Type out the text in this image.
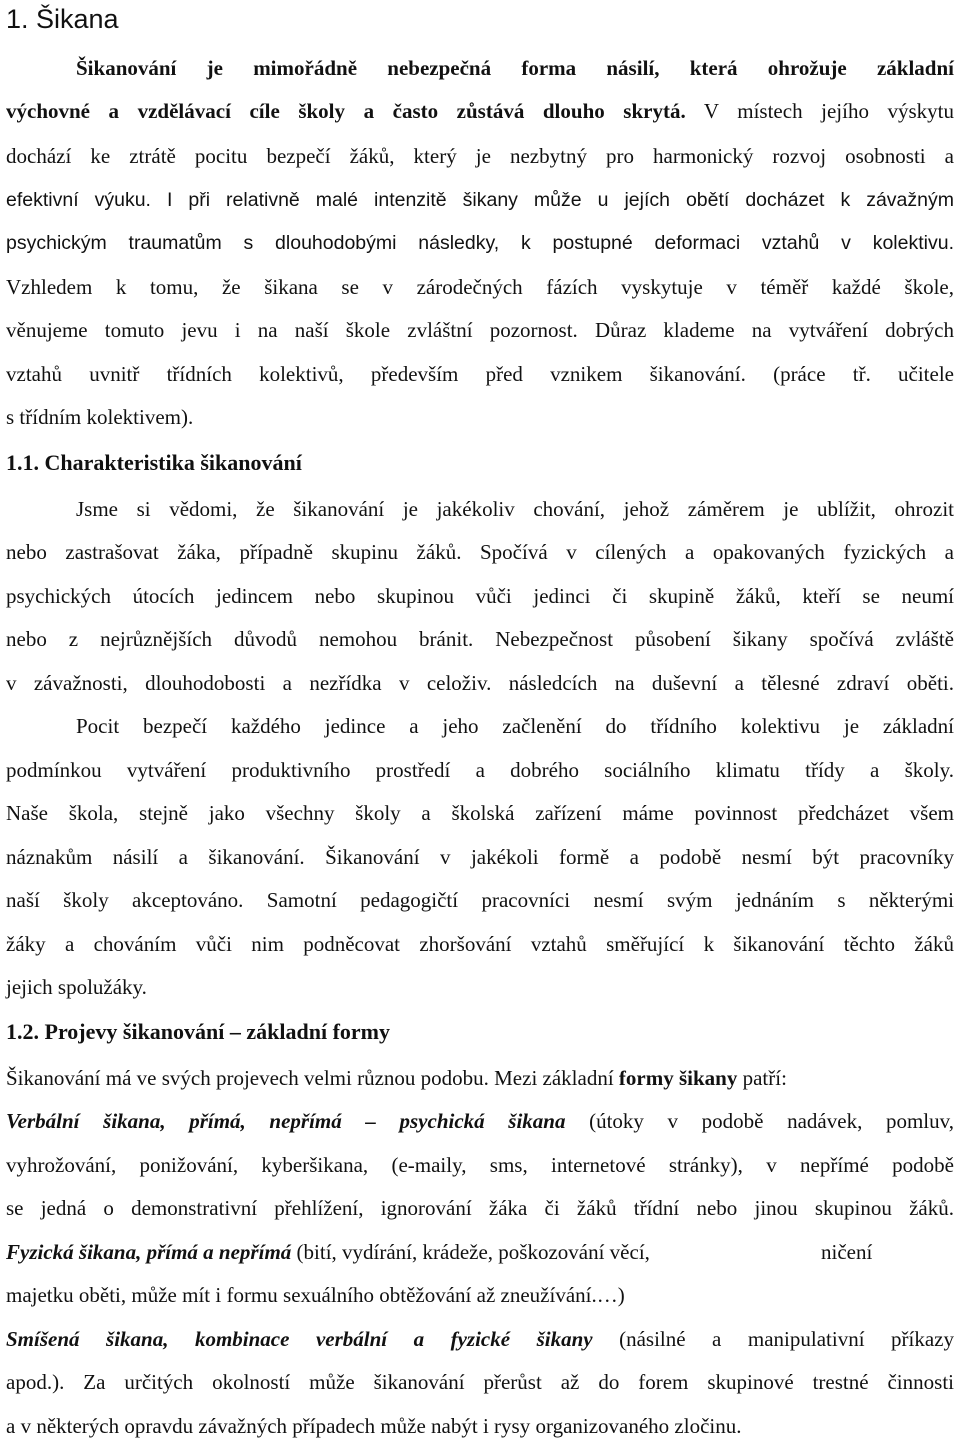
1. Šikana
Šikanování je mimořádně nebezpečná forma násilí, která ohrožuje základní
výchovné a vzdělávací cíle školy a často zůstává dlouho skrytá. V místech jejího výskytu
dochází ke ztrátě pocitu bezpečí žáků, který je nezbytný pro harmonický rozvoj osobnosti a
efektivní výuku. I při relativně malé intenzitě šikany může u jejích obětí docházet k závažným
psychickým traumatům s dlouhodobými následky, k postupné deformaci vztahů v kolektivu.
Vzhledem k tomu, že šikana se v zárodečných fázích vyskytuje v téměř každé škole,
věnujeme tomuto jevu i na naší škole zvláštní pozornost. Důraz klademe na vytváření dobrých
vztahů uvnitř třídních kolektivů, především před vznikem šikanování. (práce tř. učitele
s třídním kolektivem).
1.1. Charakteristika šikanování
Jsme si vědomi, že šikanování je jakékoliv chování, jehož záměrem je ublížit, ohrozit
nebo zastrašovat žáka, případně skupinu žáků. Spočívá v cílených a opakovaných fyzických a
psychických útocích jedincem nebo skupinou vůči jedinci či skupině žáků, kteří se neumí
nebo z nejrůznějších důvodů nemohou bránit. Nebezpečnost působení šikany spočívá zvláště
v závažnosti, dlouhodobosti a nezřídka v celoživ. následcích na duševní a tělesné zdraví oběti.
Pocit bezpečí každého jedince a jeho začlenění do třídního kolektivu je základní
podmínkou vytváření produktivního prostředí a dobrého sociálního klimatu třídy a školy.
Naše škola, stejně jako všechny školy a školská zařízení máme povinnost předcházet všem
náznakům násilí a šikanování. Šikanování v jakékoli formě a podobě nesmí být pracovníky
naší školy akceptováno. Samotní pedagogičtí pracovníci nesmí svým jednáním s některými
žáky a chováním vůči nim podněcovat zhoršování vztahů směřující k šikanování těchto žáků
jejich spolužáky.
1.2. Projevy šikanování – základní formy
Šikanování má ve svých projevech velmi různou podobu. Mezi základní formy šikany patří:
Verbální šikana, přímá, nepřímá – psychická šikana (útoky v podobě nadávek, pomluv,
vyhrožování, ponižování, kyberšikana, (e-maily, sms, internetové stránky), v nepřímé podobě
se jedná o demonstrativní přehlížení, ignorování žáka či žáků třídní nebo jinou skupinou žáků.
Fyzická šikana, přímá a nepřímá (bití, vydírání, krádeže, poškozování věcí,	ničení
majetku oběti, může mít i formu sexuálního obtěžování až zneužívání.…)
Smíšená šikana, kombinace verbální a fyzické šikany (násilné a manipulativní příkazy
apod.). Za určitých okolností může šikanování přerůst až do forem skupinové trestné činnosti
a v některých opravdu závažných případech může nabýt i rysy organizovaného zločinu.
